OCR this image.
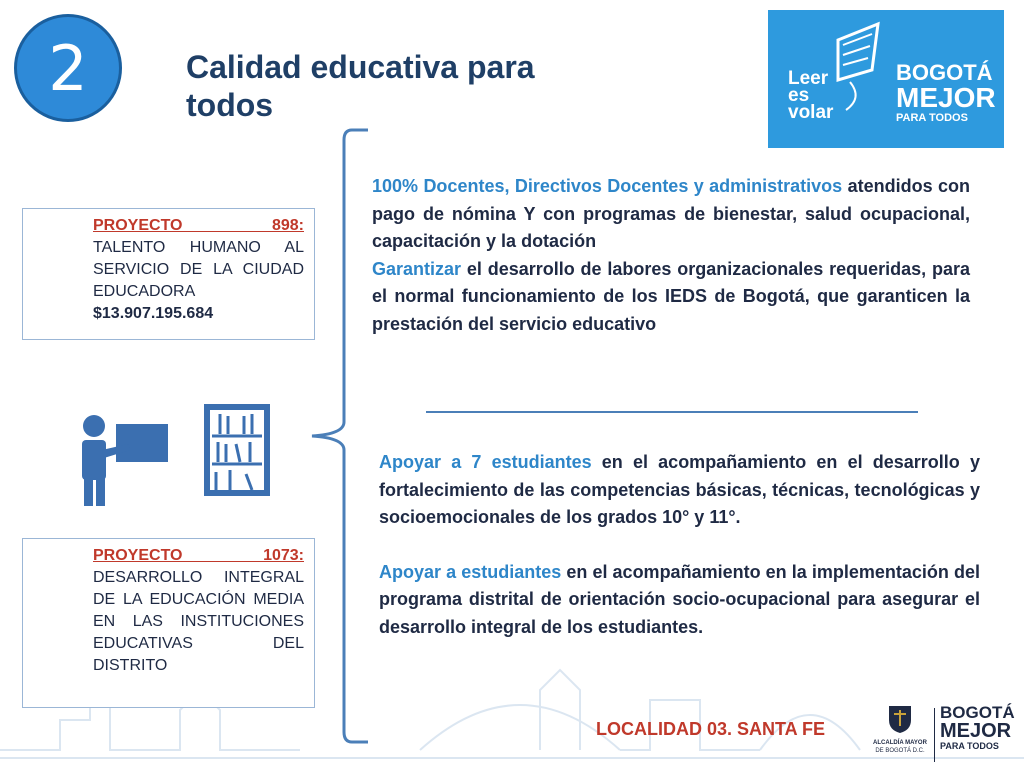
2	Calidad educativa para todos
Leer
es
volar
BOGOTÁ
MEJOR
PARA TODOS
PROYECTO 898:
TALENTO HUMANO AL SERVICIO DE LA CIUDAD EDUCADORA
$13.907.195.684
PROYECTO 1073:
DESARROLLO INTEGRAL DE LA EDUCACIÓN MEDIA EN LAS INSTITUCIONES EDUCATIVAS DEL DISTRITO
100% Docentes, Directivos Docentes y administrativos atendidos con pago de nómina Y con programas de bienestar, salud ocupacional, capacitación y la dotación
Garantizar el desarrollo de labores organizacionales requeridas, para el normal funcionamiento de los IEDS de Bogotá, que garanticen la prestación del servicio educativo
Apoyar a 7 estudiantes en el acompañamiento en el desarrollo y fortalecimiento de las competencias básicas, técnicas, tecnológicas y socioemocionales de los grados 10° y 11°.
Apoyar a estudiantes en el acompañamiento en la implementación del programa distrital de orientación socio-ocupacional para asegurar el desarrollo integral de los estudiantes.
LOCALIDAD 03. SANTA FE
ALCALDÍA MAYOR
DE BOGOTÁ D.C.
BOGOTÁ
MEJOR
PARA TODOS
